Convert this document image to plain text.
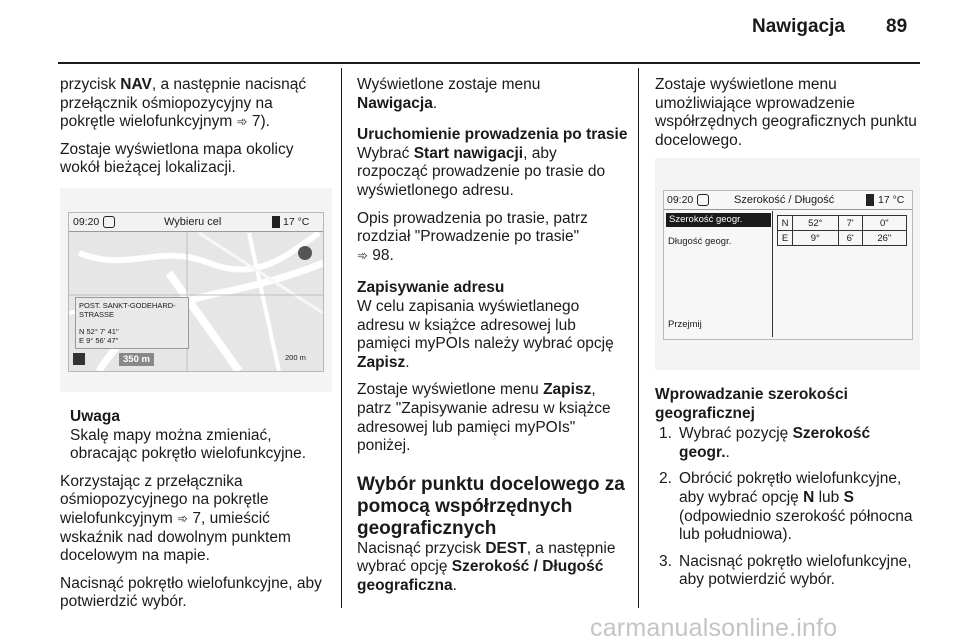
Nawigacja 89

przycisk NAV, a następnie nacisnąć przełącznik ośmiopozycyjny na pokrętle wielofunkcyjnym ➾ 7).

Zostaje wyświetlona mapa okolicy wokół bieżącej lokalizacji.

09:20	Wybieru cel	17 °C
POST. SANKT-GODEHARD-STRASSE
N 52° 7' 41"
E 9° 56' 47"
350 m	200 m
Uwaga
Skalę mapy można zmieniać, obracając pokrętło wielofunkcyjne.

Korzystając z przełącznika ośmiopozycyjnego na pokrętle wielofunkcyjnym ➾ 7, umieścić wskaźnik nad dowolnym punktem docelowym na mapie.

Nacisnąć pokrętło wielofunkcyjne, aby potwierdzić wybór.

Wyświetlone zostaje menu
Nawigacja.

Uruchomienie prowadzenia po trasie

Wybrać Start nawigacji, aby rozpocząć prowadzenie po trasie do wyświetlonego adresu.

Opis prowadzenia po trasie, patrz rozdział "Prowadzenie po trasie"
➾ 98.

Zapisywanie adresu

W celu zapisania wyświetlanego adresu w książce adresowej lub pamięci myPOIs należy wybrać opcję Zapisz.

Zostaje wyświetlone menu Zapisz, patrz "Zapisywanie adresu w książce adresowej lub pamięci myPOIs" poniżej.

Wybór punktu docelowego za pomocą współrzędnych geograficznych

Nacisnąć przycisk DEST, a następnie wybrać opcję Szerokość / Długość geograficzna.

Zostaje wyświetlone menu umożliwiające wprowadzenie współrzędnych geograficznych punktu docelowego.

09:20	Szerokość / Długość	17 °C
Szerokość geogr.
Długość geogr.
Przejmij
N	52°	7'	0"
E	9°	6'	26"

Wprowadzanie szerokości geograficznej

1. Wybrać pozycję Szerokość geogr..
2. Obrócić pokrętło wielofunkcyjne, aby wybrać opcję N lub S (odpowiednio szerokość północna lub południowa).
3. Nacisnąć pokrętło wielofunkcyjne, aby potwierdzić wybór.
carmanualsonline.info
